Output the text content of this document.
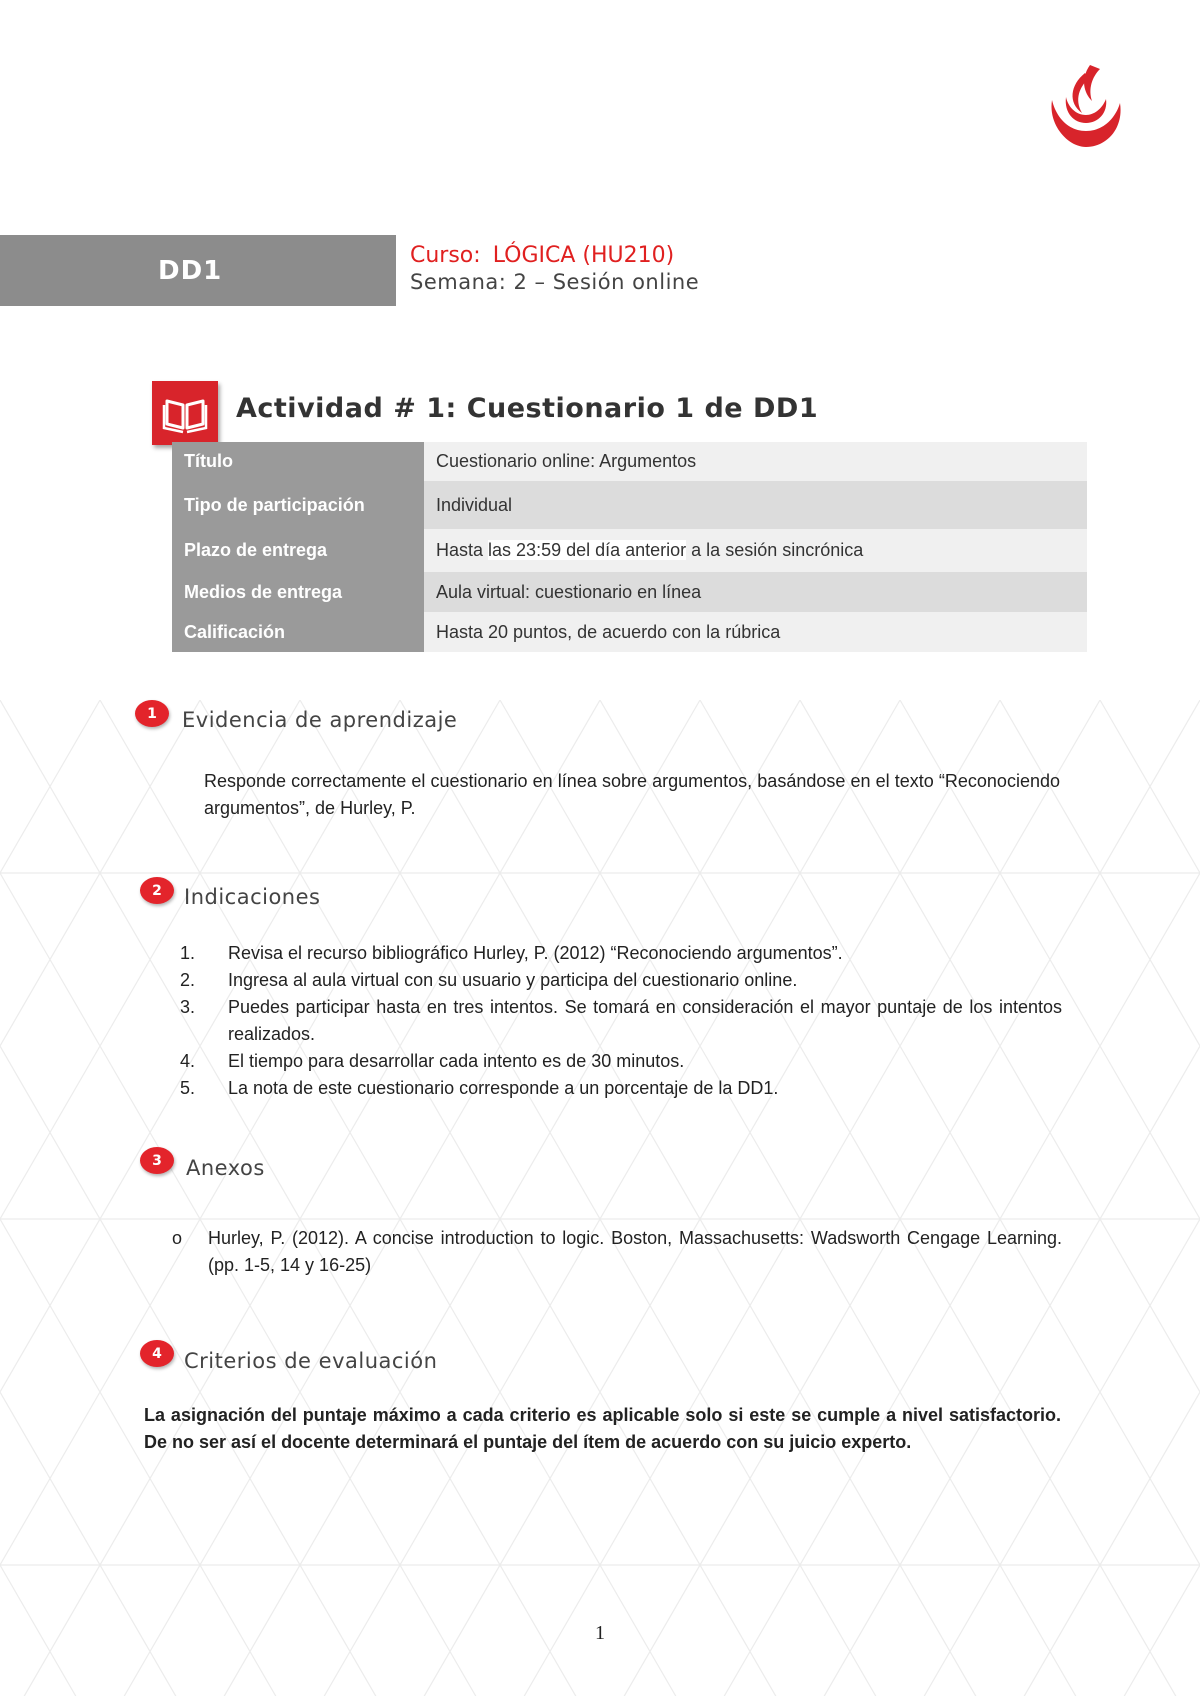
DD1	Curso: LÓGICA (HU210)
Semana: 2 – Sesión online
Actividad # 1: Cuestionario 1 de DD1
Título	Cuestionario online: Argumentos
Tipo de participación	Individual
Plazo de entrega	Hasta las 23:59 del día anterior a la sesión sincrónica
Medios de entrega	Aula virtual: cuestionario en línea
Calificación	Hasta 20 puntos, de acuerdo con la rúbrica
1	Evidencia de aprendizaje
Responde correctamente el cuestionario en línea sobre argumentos, basándose en el texto “Reconociendo argumentos”, de Hurley, P.
2	Indicaciones
1.	Revisa el recurso bibliográfico Hurley, P. (2012) “Reconociendo argumentos”.
2.	Ingresa al aula virtual con su usuario y participa del cuestionario online.
3.	Puedes participar hasta en tres intentos. Se tomará en consideración el mayor puntaje de los intentos realizados.
4.	El tiempo para desarrollar cada intento es de 30 minutos.
5.	La nota de este cuestionario corresponde a un porcentaje de la DD1.
3	Anexos
o	Hurley, P. (2012). A concise introduction to logic. Boston, Massachusetts: Wadsworth Cengage Learning. (pp. 1-5, 14 y 16-25)
4	Criterios de evaluación
La asignación del puntaje máximo a cada criterio es aplicable solo si este se cumple a nivel satisfactorio. De no ser así el docente determinará el puntaje del ítem de acuerdo con su juicio experto.
1
